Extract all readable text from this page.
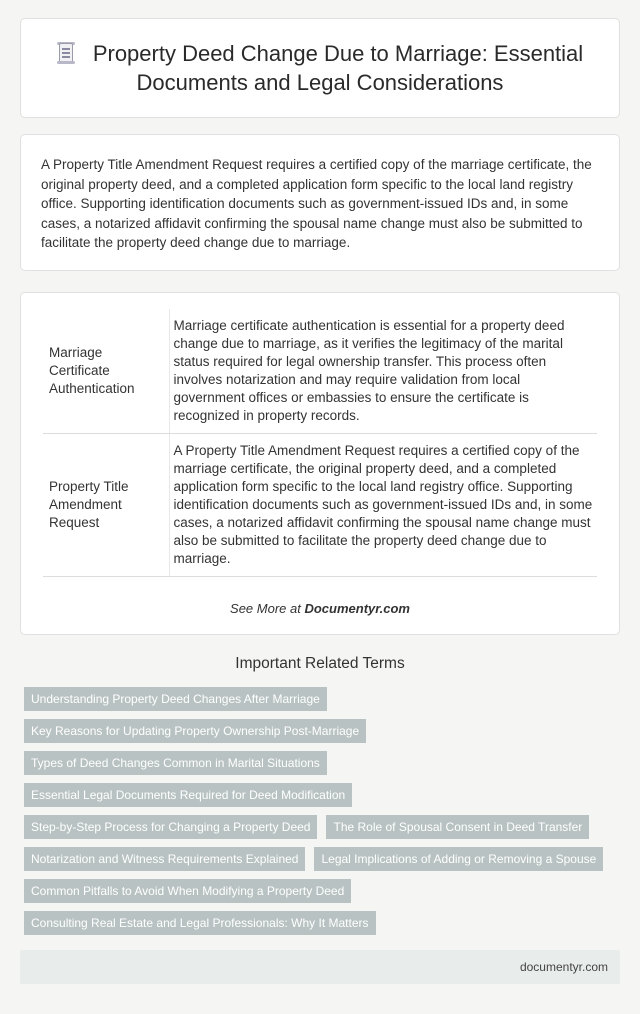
Property Deed Change Due to Marriage: Essential Documents and Legal Considerations

A Property Title Amendment Request requires a certified copy of the marriage certificate, the original property deed, and a completed application form specific to the local land registry office. Supporting identification documents such as government-issued IDs and, in some cases, a notarized affidavit confirming the spousal name change must also be submitted to facilitate the property deed change due to marriage.

Marriage Certificate Authentication	Marriage certificate authentication is essential for a property deed change due to marriage, as it verifies the legitimacy of the marital status required for legal ownership transfer. This process often involves notarization and may require validation from local government offices or embassies to ensure the certificate is recognized in property records.
Property Title Amendment Request	A Property Title Amendment Request requires a certified copy of the marriage certificate, the original property deed, and a completed application form specific to the local land registry office. Supporting identification documents such as government-issued IDs and, in some cases, a notarized affidavit confirming the spousal name change must also be submitted to facilitate the property deed change due to marriage.

See More at Documentyr.com

Important Related Terms
Understanding Property Deed Changes After Marriage
Key Reasons for Updating Property Ownership Post-Marriage
Types of Deed Changes Common in Marital Situations
Essential Legal Documents Required for Deed Modification
Step-by-Step Process for Changing a Property Deed	The Role of Spousal Consent in Deed Transfer
Notarization and Witness Requirements Explained	Legal Implications of Adding or Removing a Spouse
Common Pitfalls to Avoid When Modifying a Property Deed
Consulting Real Estate and Legal Professionals: Why It Matters
documentyr.com
